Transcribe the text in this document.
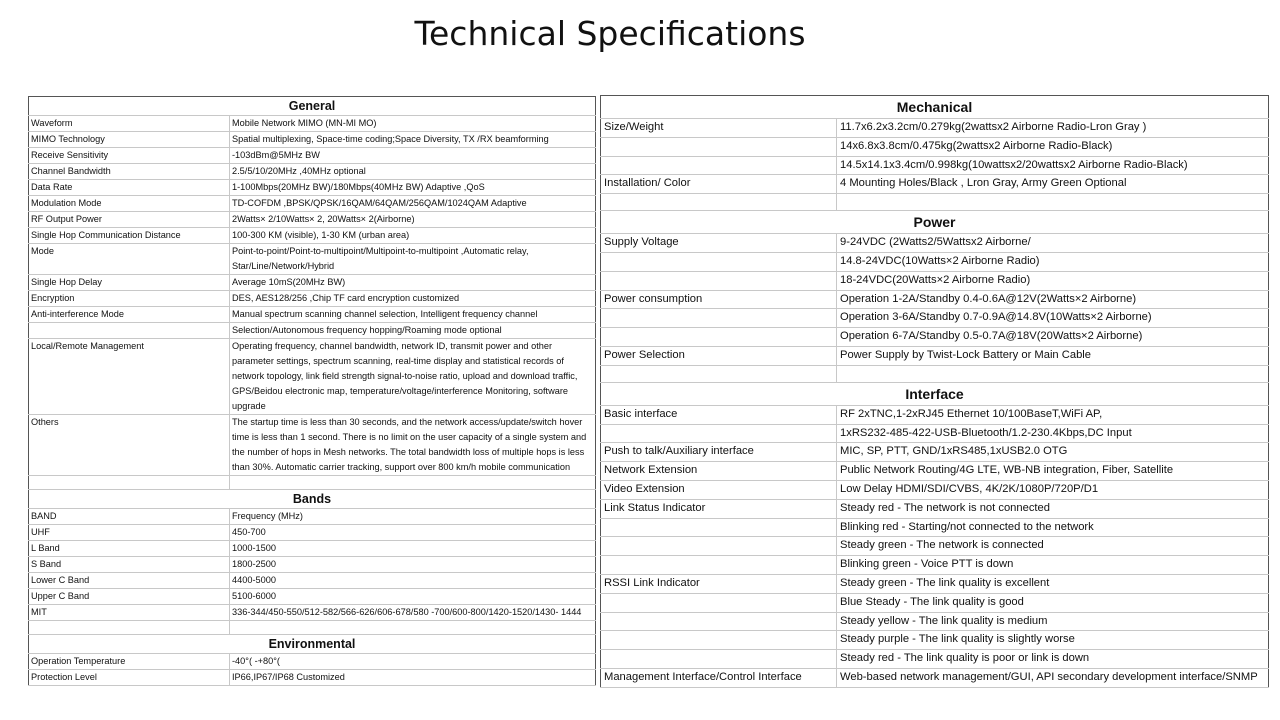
Technical Specifications
General	
Waveform	Mobile Network MIMO (MN-MI MO)
MIMO Technology	Spatial multiplexing, Space-time coding;Space Diversity, TX /RX beamforming
Receive Sensitivity	-103dBm@5MHz BW
Channel Bandwidth	2.5/5/10/20MHz ,40MHz optional
Data Rate	1-100Mbps(20MHz BW)/180Mbps(40MHz BW) Adaptive ,QoS
Modulation Mode	TD-COFDM ,BPSK/QPSK/16QAM/64QAM/256QAM/1024QAM Adaptive
RF Output Power	2Watts× 2/10Watts× 2, 20Watts× 2(Airborne)
Single Hop Communication Distance	100-300 KM (visible), 1-30 KM (urban area)
Mode	Point-to-point/Point-to-multipoint/Multipoint-to-multipoint ,Automatic relay, Star/Line/Network/Hybrid
Single Hop Delay	Average 10mS(20MHz BW)
Encryption	DES, AES128/256 ,Chip TF card encryption customized
Anti-interference Mode	Manual spectrum scanning channel selection, Intelligent frequency channel
	Selection/Autonomous frequency hopping/Roaming mode optional
Local/Remote Management	Operating frequency, channel bandwidth, network ID, transmit power and other parameter settings, spectrum scanning, real-time display and statistical records of network topology, link field strength signal-to-noise ratio, upload and download traffic, GPS/Beidou electronic map, temperature/voltage/interference Monitoring, software upgrade
Others	The startup time is less than 30 seconds, and the network access/update/switch hover time is less than 1 second. There is no limit on the user capacity of a single system and the number of hops in Mesh networks. The total bandwidth loss of multiple hops is less than 30%. Automatic carrier tracking, support over 800 km/h mobile communication

Bands	
BAND	Frequency (MHz)
UHF	450-700
L Band	1000-1500
S Band	1800-2500
Lower C Band	4400-5000
Upper C Band	5100-6000
MIT	336-344/450-550/512-582/566-626/606-678/580 -700/600-800/1420-1520/1430- 1444

Environmental	
Operation Temperature	-40°( -+80°(
Protection Level	IP66,IP67/IP68 Customized
Mechanical	
Size/Weight	11.7x6.2x3.2cm/0.279kg(2wattsx2 Airborne Radio-Lron Gray )
	14x6.8x3.8cm/0.475kg(2wattsx2 Airborne Radio-Black)
	14.5x14.1x3.4cm/0.998kg(10wattsx2/20wattsx2 Airborne Radio-Black)
Installation/ Color	4 Mounting Holes/Black , Lron Gray, Army Green Optional

Power	
Supply Voltage	9-24VDC (2Watts2/5Wattsx2 Airborne/
	14.8-24VDC(10Watts×2 Airborne Radio)
	18-24VDC(20Watts×2 Airborne Radio)
Power consumption	Operation 1-2A/Standby 0.4-0.6A@12V(2Watts×2 Airborne)
	Operation 3-6A/Standby 0.7-0.9A@14.8V(10Watts×2 Airborne)
	Operation 6-7A/Standby 0.5-0.7A@18V(20Watts×2 Airborne)
Power Selection	Power Supply by Twist-Lock Battery or Main Cable

Interface	
Basic interface	RF 2xTNC,1-2xRJ45 Ethernet 10/100BaseT,WiFi AP,
	1xRS232-485-422-USB-Bluetooth/1.2-230.4Kbps,DC Input
Push to talk/Auxiliary interface	MIC, SP, PTT, GND/1xRS485,1xUSB2.0 OTG
Network Extension	Public Network Routing/4G LTE, WB-NB integration, Fiber, Satellite
Video Extension	Low Delay HDMI/SDI/CVBS, 4K/2K/1080P/720P/D1
Link Status Indicator	Steady red - The network is not connected
	Blinking red - Starting/not connected to the network
	Steady green - The network is connected
	Blinking green - Voice PTT is down
RSSI Link Indicator	Steady green - The link quality is excellent
	Blue Steady - The link quality is good
	Steady yellow - The link quality is medium
	Steady purple - The link quality is slightly worse
	Steady red - The link quality is poor or link is down
Management Interface/Control Interface	Web-based network management/GUI, API secondary development interface/SNMP
